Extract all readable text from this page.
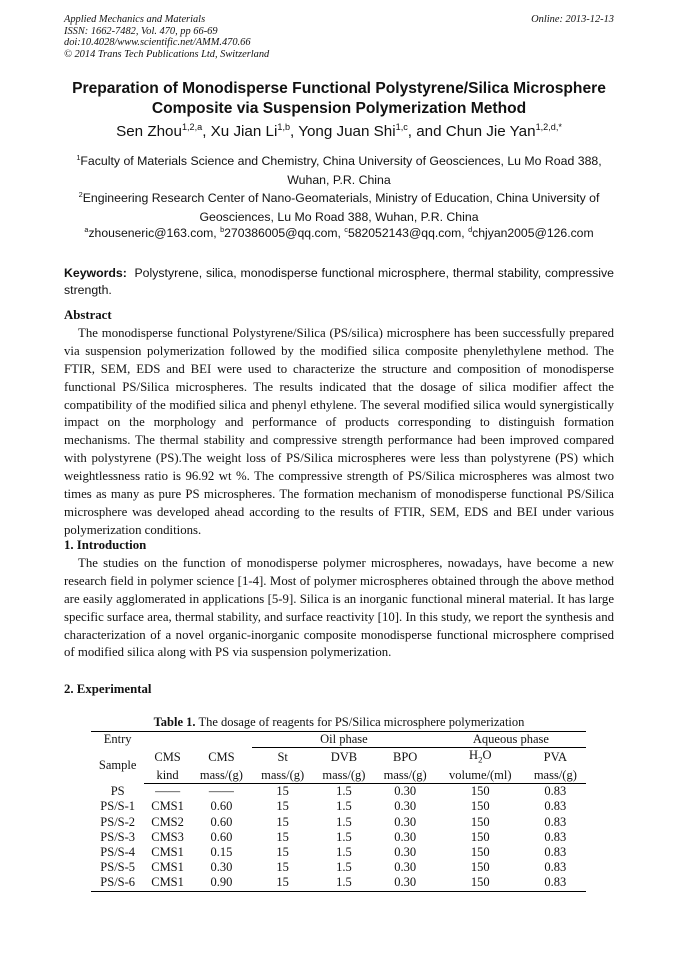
Applied Mechanics and Materials
ISSN: 1662-7482, Vol. 470, pp 66-69
doi:10.4028/www.scientific.net/AMM.470.66
© 2014 Trans Tech Publications Ltd, Switzerland
Online: 2013-12-13
Preparation of Monodisperse Functional Polystyrene/Silica Microsphere
Composite via Suspension Polymerization Method
Sen Zhou$^{1,2,a}$, Xu Jian Li$^{1,b}$, Yong Juan Shi$^{1,c}$, and Chun Jie Yan$^{1,2,d,*}$
$^1$Faculty of Materials Science and Chemistry, China University of Geosciences, Lu Mo Road 388,
Wuhan, P.R. China
$^2$Engineering Research Center of Nano-Geomaterials, Ministry of Education, China University of
Geosciences, Lu Mo Road 388, Wuhan, P.R. China
$^a$zhouseneric@163.com, $^b$270386005@qq.com, $^c$582052143@qq.com, $^d$chjyan2005@126.com
Keywords: Polystyrene, silica, monodisperse functional microsphere, thermal stability, compressive strength.
Abstract

The monodisperse functional Polystyrene/Silica (PS/silica) microsphere has been successfully prepared via suspension polymerization followed by the modified silica composite phenylethylene method. The FTIR, SEM, EDS and BEI were used to characterize the structure and composition of monodisperse functional PS/Silica microspheres. The results indicated that the dosage of silica modifier affect the compatibility of the modified silica and phenyl ethylene. The several modified silica would synergistically impact on the morphology and performance of products corresponding to distinguish formation mechanisms. The thermal stability and compressive strength performance had been improved compared with polystyrene (PS).The weight loss of PS/Silica microspheres were less than polystyrene (PS) which weightlessness ratio is 96.92 wt %. The compressive strength of PS/Silica microspheres was almost two times as many as pure PS microspheres. The formation mechanism of monodisperse functional PS/Silica microsphere was developed ahead according to the results of FTIR, SEM, EDS and BEI under various polymerization conditions.

1. Introduction

The studies on the function of monodisperse polymer microspheres, nowadays, have become a new research field in polymer science [1-4]. Most of polymer microspheres obtained through the above method are easily agglomerated in applications [5-9]. Silica is an inorganic functional mineral material. It has large specific surface area, thermal stability, and surface reactivity [10]. In this study, we report the synthesis and characterization of a novel organic-inorganic composite monodisperse functional microsphere comprised of modified silica along with PS via suspension polymerization.

2. Experimental
Table 1. The dosage of reagents for PS/Silica microsphere polymerization
Entry			Oil phase			Aqueous phase	
Sample	CMS	CMS	St	DVB	BPO	$H_2O$	PVA
	kind	mass/(g)	mass/(g)	mass/(g)	mass/(g)	volume/(ml)	mass/(g)
PS	——	——	15	1.5	0.30	150	0.83
PS/S-1	CMS1	0.60	15	1.5	0.30	150	0.83
PS/S-2	CMS2	0.60	15	1.5	0.30	150	0.83
PS/S-3	CMS3	0.60	15	1.5	0.30	150	0.83
PS/S-4	CMS1	0.15	15	1.5	0.30	150	0.83
PS/S-5	CMS1	0.30	15	1.5	0.30	150	0.83
PS/S-6	CMS1	0.90	15	1.5	0.30	150	0.83
